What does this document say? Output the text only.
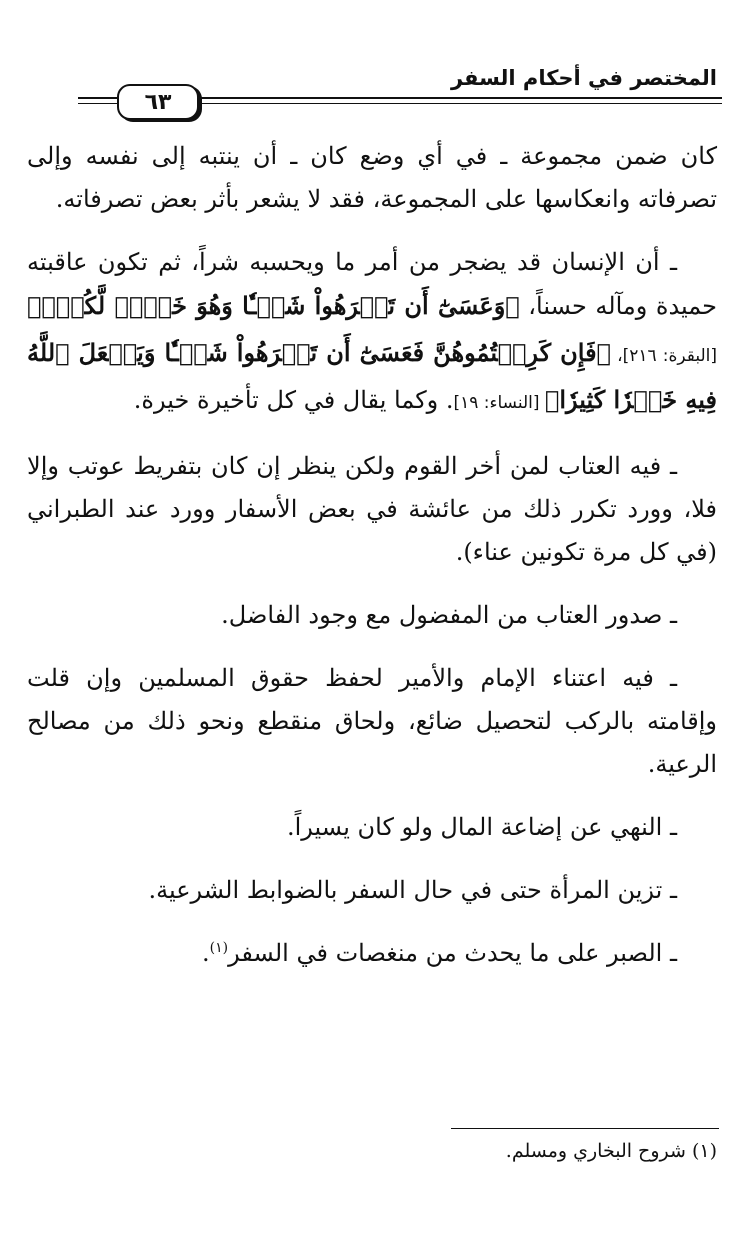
المختصر في أحكام السفر
٦٣

كان ضمن مجموعة ـ في أي وضع كان ـ أن ينتبه إلى نفسه وإلى تصرفاته وانعكاسها على المجموعة، فقد لا يشعر بأثر بعض تصرفاته.

ـ أن الإنسان قد يضجر من أمر ما ويحسبه شراً، ثم تكون عاقبته حميدة ومآله حسناً، ﴿وَعَسَىٰٓ أَن تَكۡرَهُواْ شَيۡـٔٗا وَهُوَ خَيۡرٞ لَّكُمۡۖ﴾ [البقرة: ٢١٦]، ﴿فَإِن كَرِهۡتُمُوهُنَّ فَعَسَىٰٓ أَن تَكۡرَهُواْ شَيۡـٔٗا وَيَجۡعَلَ ٱللَّهُ فِيهِ خَيۡرٗا كَثِيرٗا﴾ [النساء: ١٩]. وكما يقال في كل تأخيرة خيرة.

ـ فيه العتاب لمن أخر القوم ولكن ينظر إن كان بتفريط عوتب وإلا فلا، وورد تكرر ذلك من عائشة في بعض الأسفار وورد عند الطبراني (في كل مرة تكونين عناء).

ـ صدور العتاب من المفضول مع وجود الفاضل.

ـ فيه اعتناء الإمام والأمير لحفظ حقوق المسلمين وإن قلت وإقامته بالركب لتحصيل ضائع، ولحاق منقطع ونحو ذلك من مصالح الرعية.

ـ النهي عن إضاعة المال ولو كان يسيراً.

ـ تزين المرأة حتى في حال السفر بالضوابط الشرعية.

ـ الصبر على ما يحدث من منغصات في السفر$^{(١)}$.

(١) شروح البخاري ومسلم.
